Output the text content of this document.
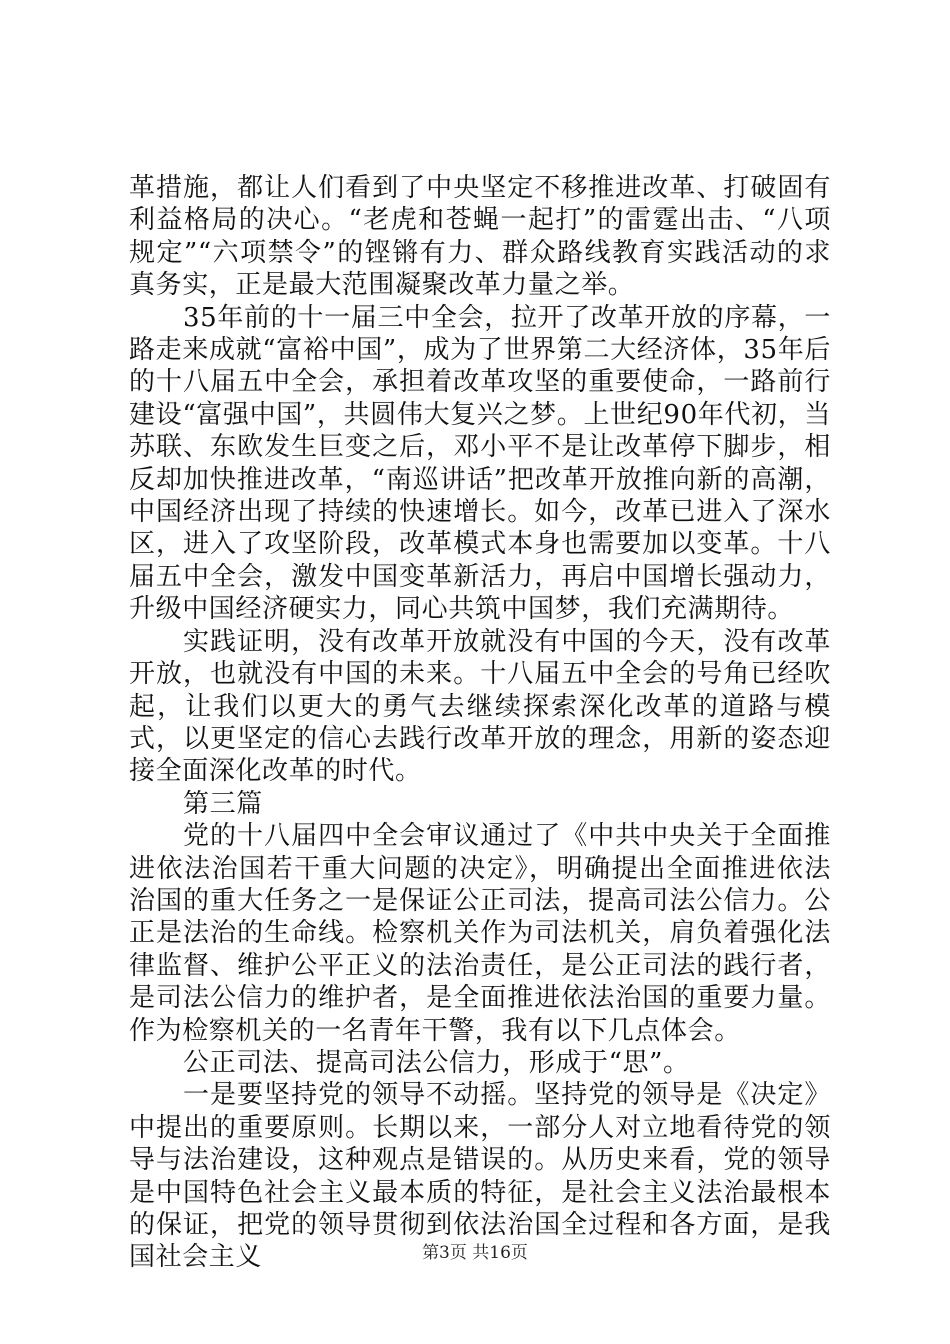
革措施，都让人们看到了中央坚定不移推进改革、打破固有利益格局的决心。“老虎和苍蝇一起打”的雷霆出击、“八项规定”“六项禁令”的铿锵有力、群众路线教育实践活动的求真务实，正是最大范围凝聚改革力量之举。

35年前的十一届三中全会，拉开了改革开放的序幕，一路走来成就“富裕中国”，成为了世界第二大经济体，35年后的十八届五中全会，承担着改革攻坚的重要使命，一路前行建设“富强中国”，共圆伟大复兴之梦。上世纪90年代初，当苏联、东欧发生巨变之后，邓小平不是让改革停下脚步，相反却加快推进改革，“南巡讲话”把改革开放推向新的高潮，中国经济出现了持续的快速增长。如今，改革已进入了深水区，进入了攻坚阶段，改革模式本身也需要加以变革。十八届五中全会，激发中国变革新活力，再启中国增长强动力，升级中国经济硬实力，同心共筑中国梦，我们充满期待。

实践证明，没有改革开放就没有中国的今天，没有改革开放，也就没有中国的未来。十八届五中全会的号角已经吹起，让我们以更大的勇气去继续探索深化改革的道路与模式，以更坚定的信心去践行改革开放的理念，用新的姿态迎接全面深化改革的时代。

第三篇

党的十八届四中全会审议通过了《中共中央关于全面推进依法治国若干重大问题的决定》，明确提出全面推进依法治国的重大任务之一是保证公正司法，提高司法公信力。公正是法治的生命线。检察机关作为司法机关，肩负着强化法律监督、维护公平正义的法治责任，是公正司法的践行者，是司法公信力的维护者，是全面推进依法治国的重要力量。作为检察机关的一名青年干警，我有以下几点体会。

公正司法、提高司法公信力，形成于“思”。

一是要坚持党的领导不动摇。坚持党的领导是《决定》中提出的重要原则。长期以来，一部分人对立地看待党的领导与法治建设，这种观点是错误的。从历史来看，党的领导是中国特色社会主义最本质的特征，是社会主义法治最根本的保证，把党的领导贯彻到依法治国全过程和各方面，是我国社会主义	第3页 共16页
